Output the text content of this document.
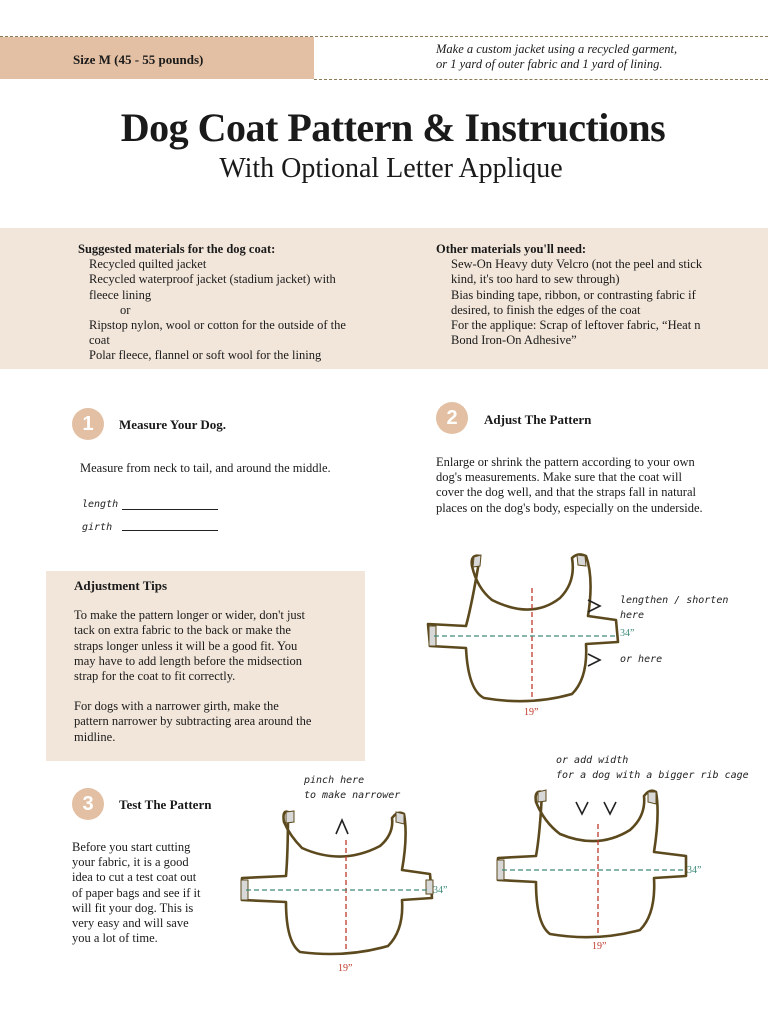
Size M (45 - 55 pounds)
Make a custom jacket using a recycled garment,
or 1 yard of outer fabric and 1 yard of lining.
Dog Coat Pattern & Instructions
With Optional Letter Applique
Suggested materials for the dog coat:
Recycled quilted jacket
Recycled waterproof jacket (stadium jacket) with
fleece lining
or
Ripstop nylon, wool or cotton for the outside of the
coat
Polar fleece, flannel or soft wool for the lining
Other materials you'll need:
Sew-On Heavy duty Velcro (not the peel and stick
kind, it's too hard to sew through)
Bias binding tape, ribbon, or contrasting fabric if
desired, to finish the edges of the coat
For the applique: Scrap of leftover fabric, “Heat n
Bond Iron-On Adhesive”
1	Measure Your Dog.
Measure from neck to tail, and around the middle.
length
girth
2	Adjust The Pattern
Enlarge or shrink the pattern according to your own
dog's measurements. Make sure that the coat will
cover the dog well, and that the straps fall in natural
places on the dog's body, especially on the underside.
Adjustment Tips
To make the pattern longer or wider, don't just
tack on extra fabric to the back or make the
straps longer unless it will be a good fit. You
may have to add length before the midsection
strap for the coat to fit correctly.
For dogs with a narrower girth, make the
pattern narrower by subtracting area around the
midline.
3	Test The Pattern
Before you start cutting
your fabric, it is a good
idea to cut a test coat out
of paper bags and see if it
will fit your dog. This is
very easy and will save
you a lot of time.
34”
19”
lengthen / shorten
here
or here
pinch here
to make narrower
34”
19”
or add width
for a dog with a bigger rib cage
34”
19”
